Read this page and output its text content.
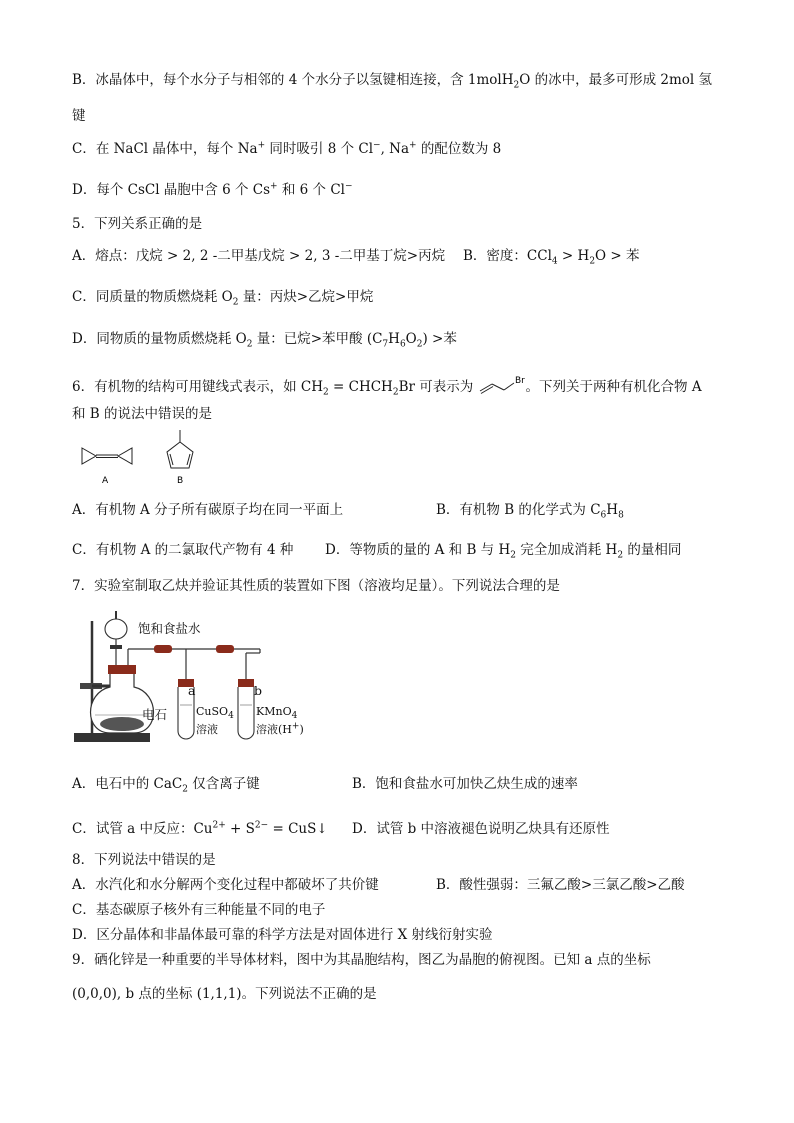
B．冰晶体中，每个水分子与相邻的 4 个水分子以氢键相连接，含 1molH$_2$O 的冰中，最多可形成 2mol 氢
键
C．在 NaCl 晶体中，每个 Na+ 同时吸引 8 个 Cl−, Na+ 的配位数为 8
D．每个 CsCl 晶胞中含 6 个 Cs+ 和 6 个 Cl−
5．下列关系正确的是
A．熔点：戊烷 > 2, 2 -二甲基戊烷 > 2, 3 -二甲基丁烷>丙烷 B．密度：$CCl_4 > H_2O$ > 苯
C．同质量的物质燃烧耗 $O_2$ 量：丙炔>乙烷>甲烷
D．同物质的量物质燃烧耗 $O_2$ 量：已烷>苯甲酸 $(C_7H_6O_2)$ >苯
6．有机物的结构可用键线式表示，如 $CH_2$ = $CHCH_2Br$ 可表示为	Br 。下列关于两种有机化合物 A
和 B 的说法中错误的是
A	B
A．有机物 A 分子所有碳原子均在同一平面上	B．有机物 B 的化学式为 $C_6H_8$
C．有机物 A 的二氯取代产物有 4 种 D．等物质的量的 A 和 B 与 $H_2$ 完全加成消耗 $H_2$ 的量相同
7．实验室制取乙炔并验证其性质的装置如下图（溶液均足量）。下列说法合理的是
饱和食盐水
电石
a
CuSO$_4$
溶液
b
KMnO$_4$
溶液(H+)
A．电石中的 CaC$_2$ 仅含离子键	B．饱和食盐水可加快乙炔生成的速率
C．试管 a 中反应：$Cu^{2+} + S^{2-}$ = CuS↓ D．试管 b 中溶液褪色说明乙炔具有还原性
8．下列说法中错误的是
A．水汽化和水分解两个变化过程中都破坏了共价键	B．酸性强弱：三氟乙酸>三氯乙酸>乙酸
C．基态碳原子核外有三种能量不同的电子
D．区分晶体和非晶体最可靠的科学方法是对固体进行 X 射线衍射实验
9．硒化锌是一种重要的半导体材料，图中为其晶胞结构，图乙为晶胞的俯视图。已知 a 点的坐标
(0,0,0), b 点的坐标 (1,1,1)。下列说法不正确的是
